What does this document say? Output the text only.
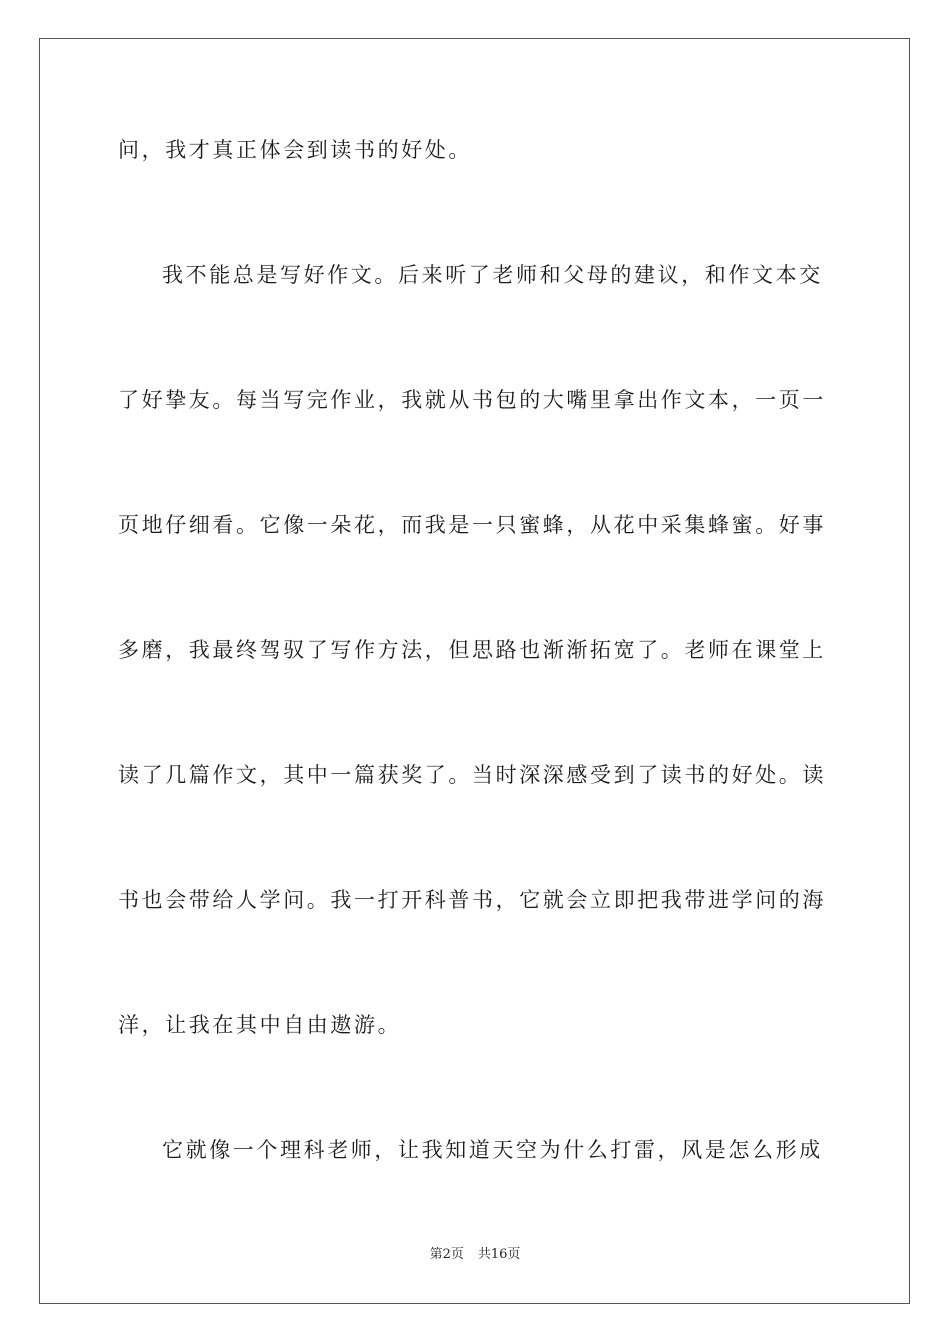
问，我才真正体会到读书的好处。
我不能总是写好作文。后来听了老师和父母的建议，和作文本交
了好挚友。每当写完作业，我就从书包的大嘴里拿出作文本，一页一
页地仔细看。它像一朵花，而我是一只蜜蜂，从花中采集蜂蜜。好事
多磨，我最终驾驭了写作方法，但思路也渐渐拓宽了。老师在课堂上
读了几篇作文，其中一篇获奖了。当时深深感受到了读书的好处。读
书也会带给人学问。我一打开科普书，它就会立即把我带进学问的海
洋，让我在其中自由遨游。
它就像一个理科老师，让我知道天空为什么打雷，风是怎么形成
第2页 共16页
